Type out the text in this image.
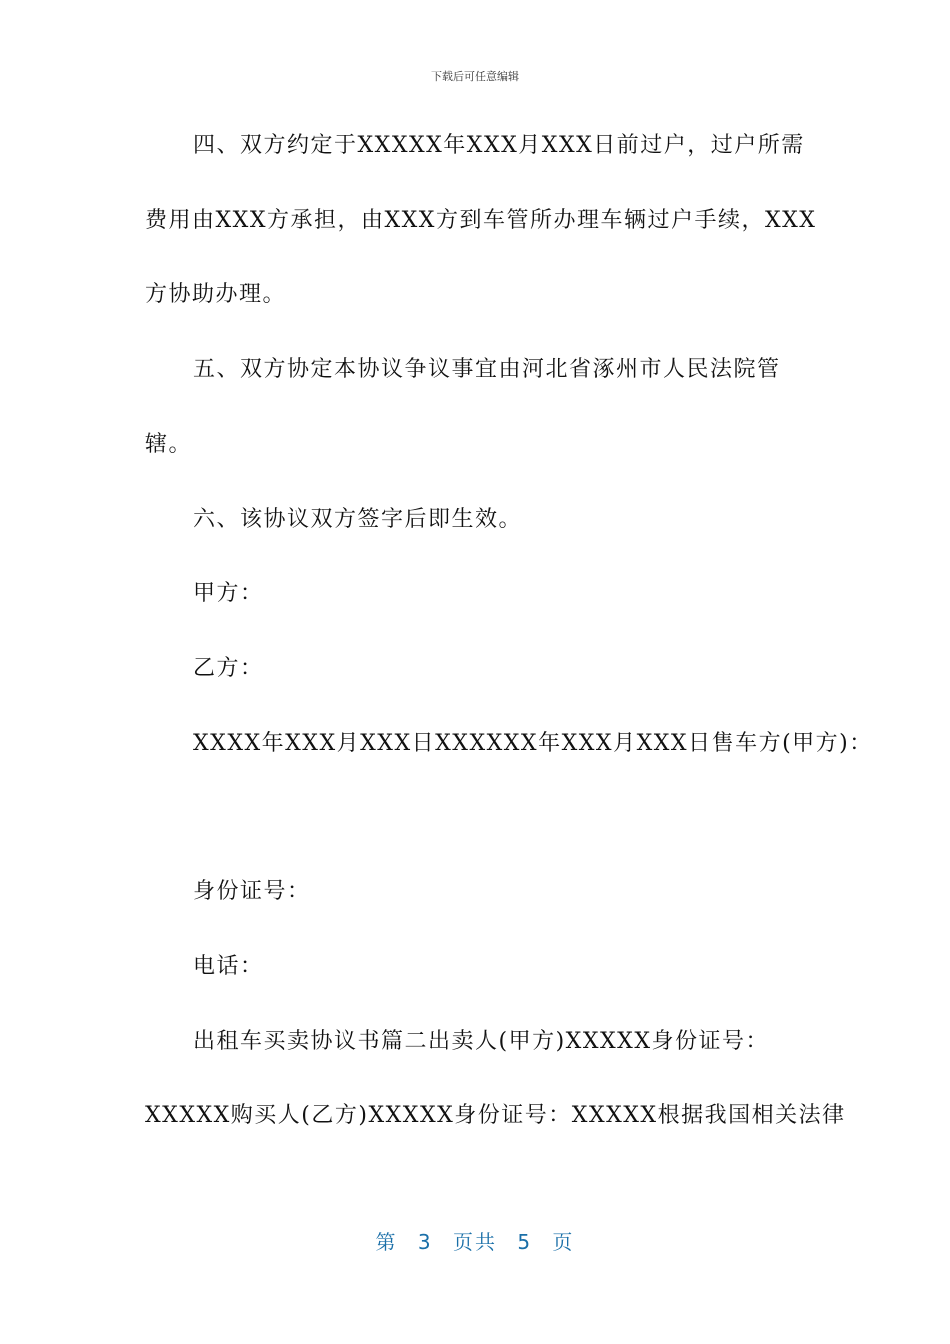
下载后可任意编辑
四、双方约定于XXXXX年XXX月XXX日前过户，过户所需
费用由XXX方承担，由XXX方到车管所办理车辆过户手续，XXX
方协助办理。
五、双方协定本协议争议事宜由河北省涿州市人民法院管
辖。
六、该协议双方签字后即生效。
甲方：
乙方：
XXXX年XXX月XXX日XXXXXX年XXX月XXX日售车方(甲方)：
身份证号：
电话：
出租车买卖协议书篇二出卖人(甲方)XXXXX身份证号：
XXXXX购买人(乙方)XXXXX身份证号：XXXXX根据我国相关法律
第 3 页共 5 页
